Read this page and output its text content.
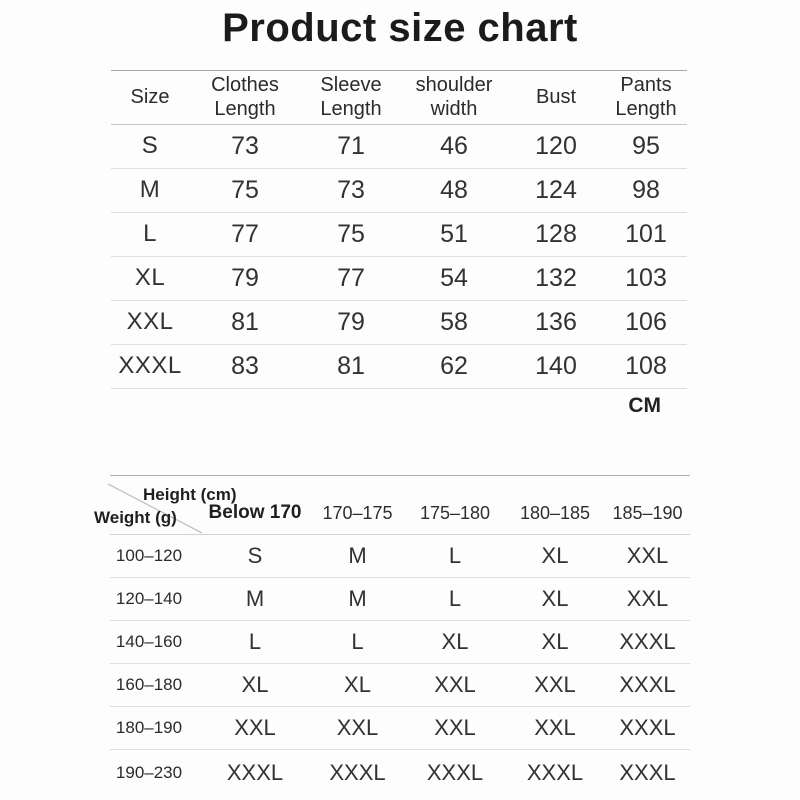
Product size chart
Size	Clothes Length	Sleeve Length	shoulder width	Bust	Pants Length
S	73	71	46	120	95
M	75	73	48	124	98
L	77	75	51	128	101
XL	79	77	54	132	103
XXL	81	79	58	136	106
XXXL	83	81	62	140	108
CM
Height (cm)
Weight (g)	Below 170	170–175	175–180	180–185	185–190
100–120	S	M	L	XL	XXL
120–140	M	M	L	XL	XXL
140–160	L	L	XL	XL	XXXL
160–180	XL	XL	XXL	XXL	XXXL
180–190	XXL	XXL	XXL	XXL	XXXL
190–230	XXXL	XXXL	XXXL	XXXL	XXXL
